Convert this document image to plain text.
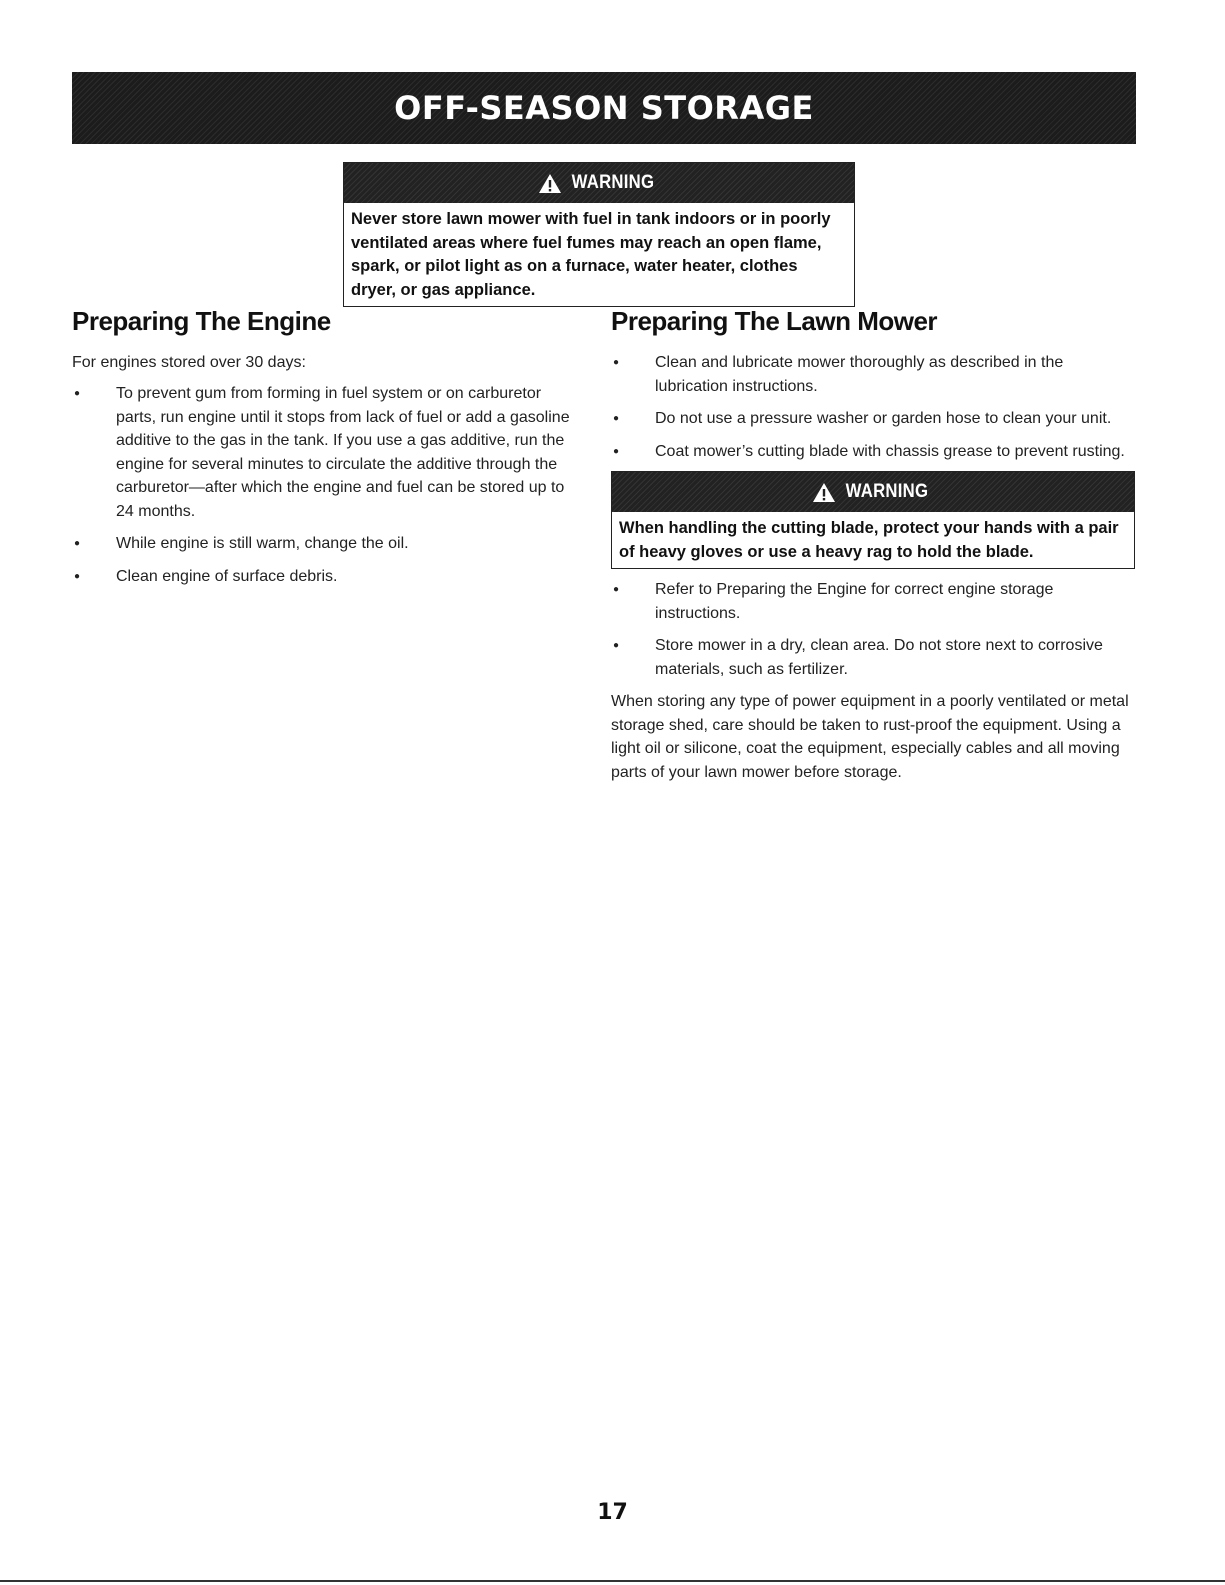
OFF-SEASON STORAGE
WARNING
Never store lawn mower with fuel in tank indoors or in poorly ventilated areas where fuel fumes may reach an open flame, spark, or pilot light as on a furnace, water heater, clothes dryer, or gas appliance.
Preparing The Engine

For engines stored over 30 days:

● To prevent gum from forming in fuel system or on carburetor parts, run engine until it stops from lack of fuel or add a gasoline additive to the gas in the tank. If you use a gas additive, run the engine for several minutes to circulate the additive through the carburetor—after which the engine and fuel can be stored up to 24 months.
● While engine is still warm, change the oil.
● Clean engine of surface debris.
Preparing The Lawn Mower
● Clean and lubricate mower thoroughly as described in the lubrication instructions.
● Do not use a pressure washer or garden hose to clean your unit.
● Coat mower’s cutting blade with chassis grease to prevent rusting.
WARNING
When handling the cutting blade, protect your hands with a pair of heavy gloves or use a heavy rag to hold the blade.
● Refer to Preparing the Engine for correct engine storage instructions.
● Store mower in a dry, clean area. Do not store next to corrosive materials, such as fertilizer.

When storing any type of power equipment in a poorly ventilated or metal storage shed, care should be taken to rust-proof the equipment. Using a light oil or silicone, coat the equipment, especially cables and all moving parts of your lawn mower before storage.

17
